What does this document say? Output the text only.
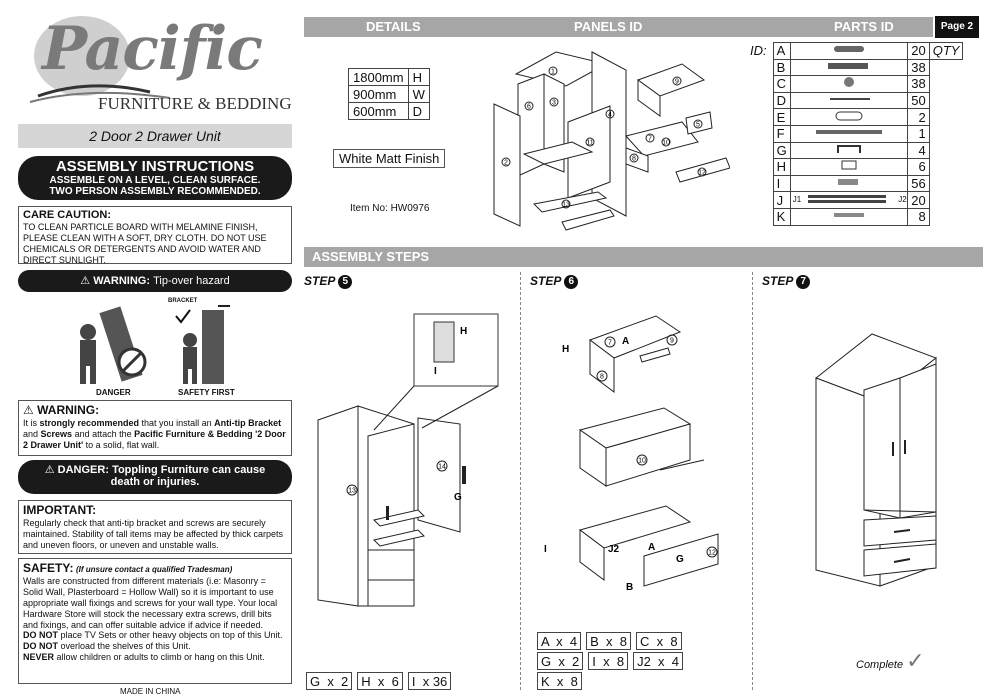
Pacific
FURNITURE & BEDDING
2 Door 2 Drawer Unit
ASSEMBLY INSTRUCTIONS
ASSEMBLE ON A LEVEL, CLEAN SURFACE.
TWO PERSON ASSEMBLY RECOMMENDED.
CARE CAUTION:
TO CLEAN PARTICLE BOARD WITH MELAMINE FINISH, PLEASE CLEAN WITH A SOFT, DRY CLOTH. DO NOT USE CHEMICALS OR DETERGENTS AND AVOID WATER AND DIRECT SUNLIGHT.
⚠ WARNING: Tip-over hazard
BRACKET
DANGER	SAFETY FIRST
⚠ WARNING:
It is strongly recommended that you install an Anti-tip Bracket and Screws and attach the Pacific Furniture & Bedding '2 Door 2 Drawer Unit' to a solid, flat wall.
⚠ DANGER: Toppling Furniture can cause
death or injuries.
IMPORTANT:
Regularly check that anti-tip bracket and screws are securely maintained. Stability of tall items may be affected by thick carpets and uneven floors, or uneven and unstable walls.
SAFETY: (If unsure contact a qualified Tradesman)
Walls are constructed from different materials (i.e: Masonry = Solid Wall, Plasterboard = Hollow Wall) so it is important to use appropriate wall fixings and screws for your wall type. Your local Hardware Store will stock the necessary extra screws, drill bits and fixings, and can offer suitable advice if advice if needed.
DO NOT place TV Sets or other heavy objects on top of this Unit.
DO NOT overload the shelves of this Unit.
NEVER allow children or adults to climb or hang on this Unit.
MADE IN CHINA
DETAILS	PANELS ID	PARTS ID	Page 2
1800mm	H
900mm	W
600mm	D
White Matt Finish
Item No: HW0976
1
6
3
4
2
11
7
9
5
8
10
12
13
ID:	A		20	QTY
	B		38	
	C		38	
	D		50	
	E		2	
	F		1	
	G		4	
	H		6	
	I		56	
	J	J1 J2	20	
	K		8	
ASSEMBLY STEPS
STEP 5
13
14
H
I
G
G  x  2	H  x  6	I  x 36
STEP 6
7	9
8
10
12
H
A
I	J2	A
G
B
A  x  4	B  x  8	C  x  8
G  x  2	I  x  8	J2  x  4
K  x  8
STEP 7
Complete ✓
